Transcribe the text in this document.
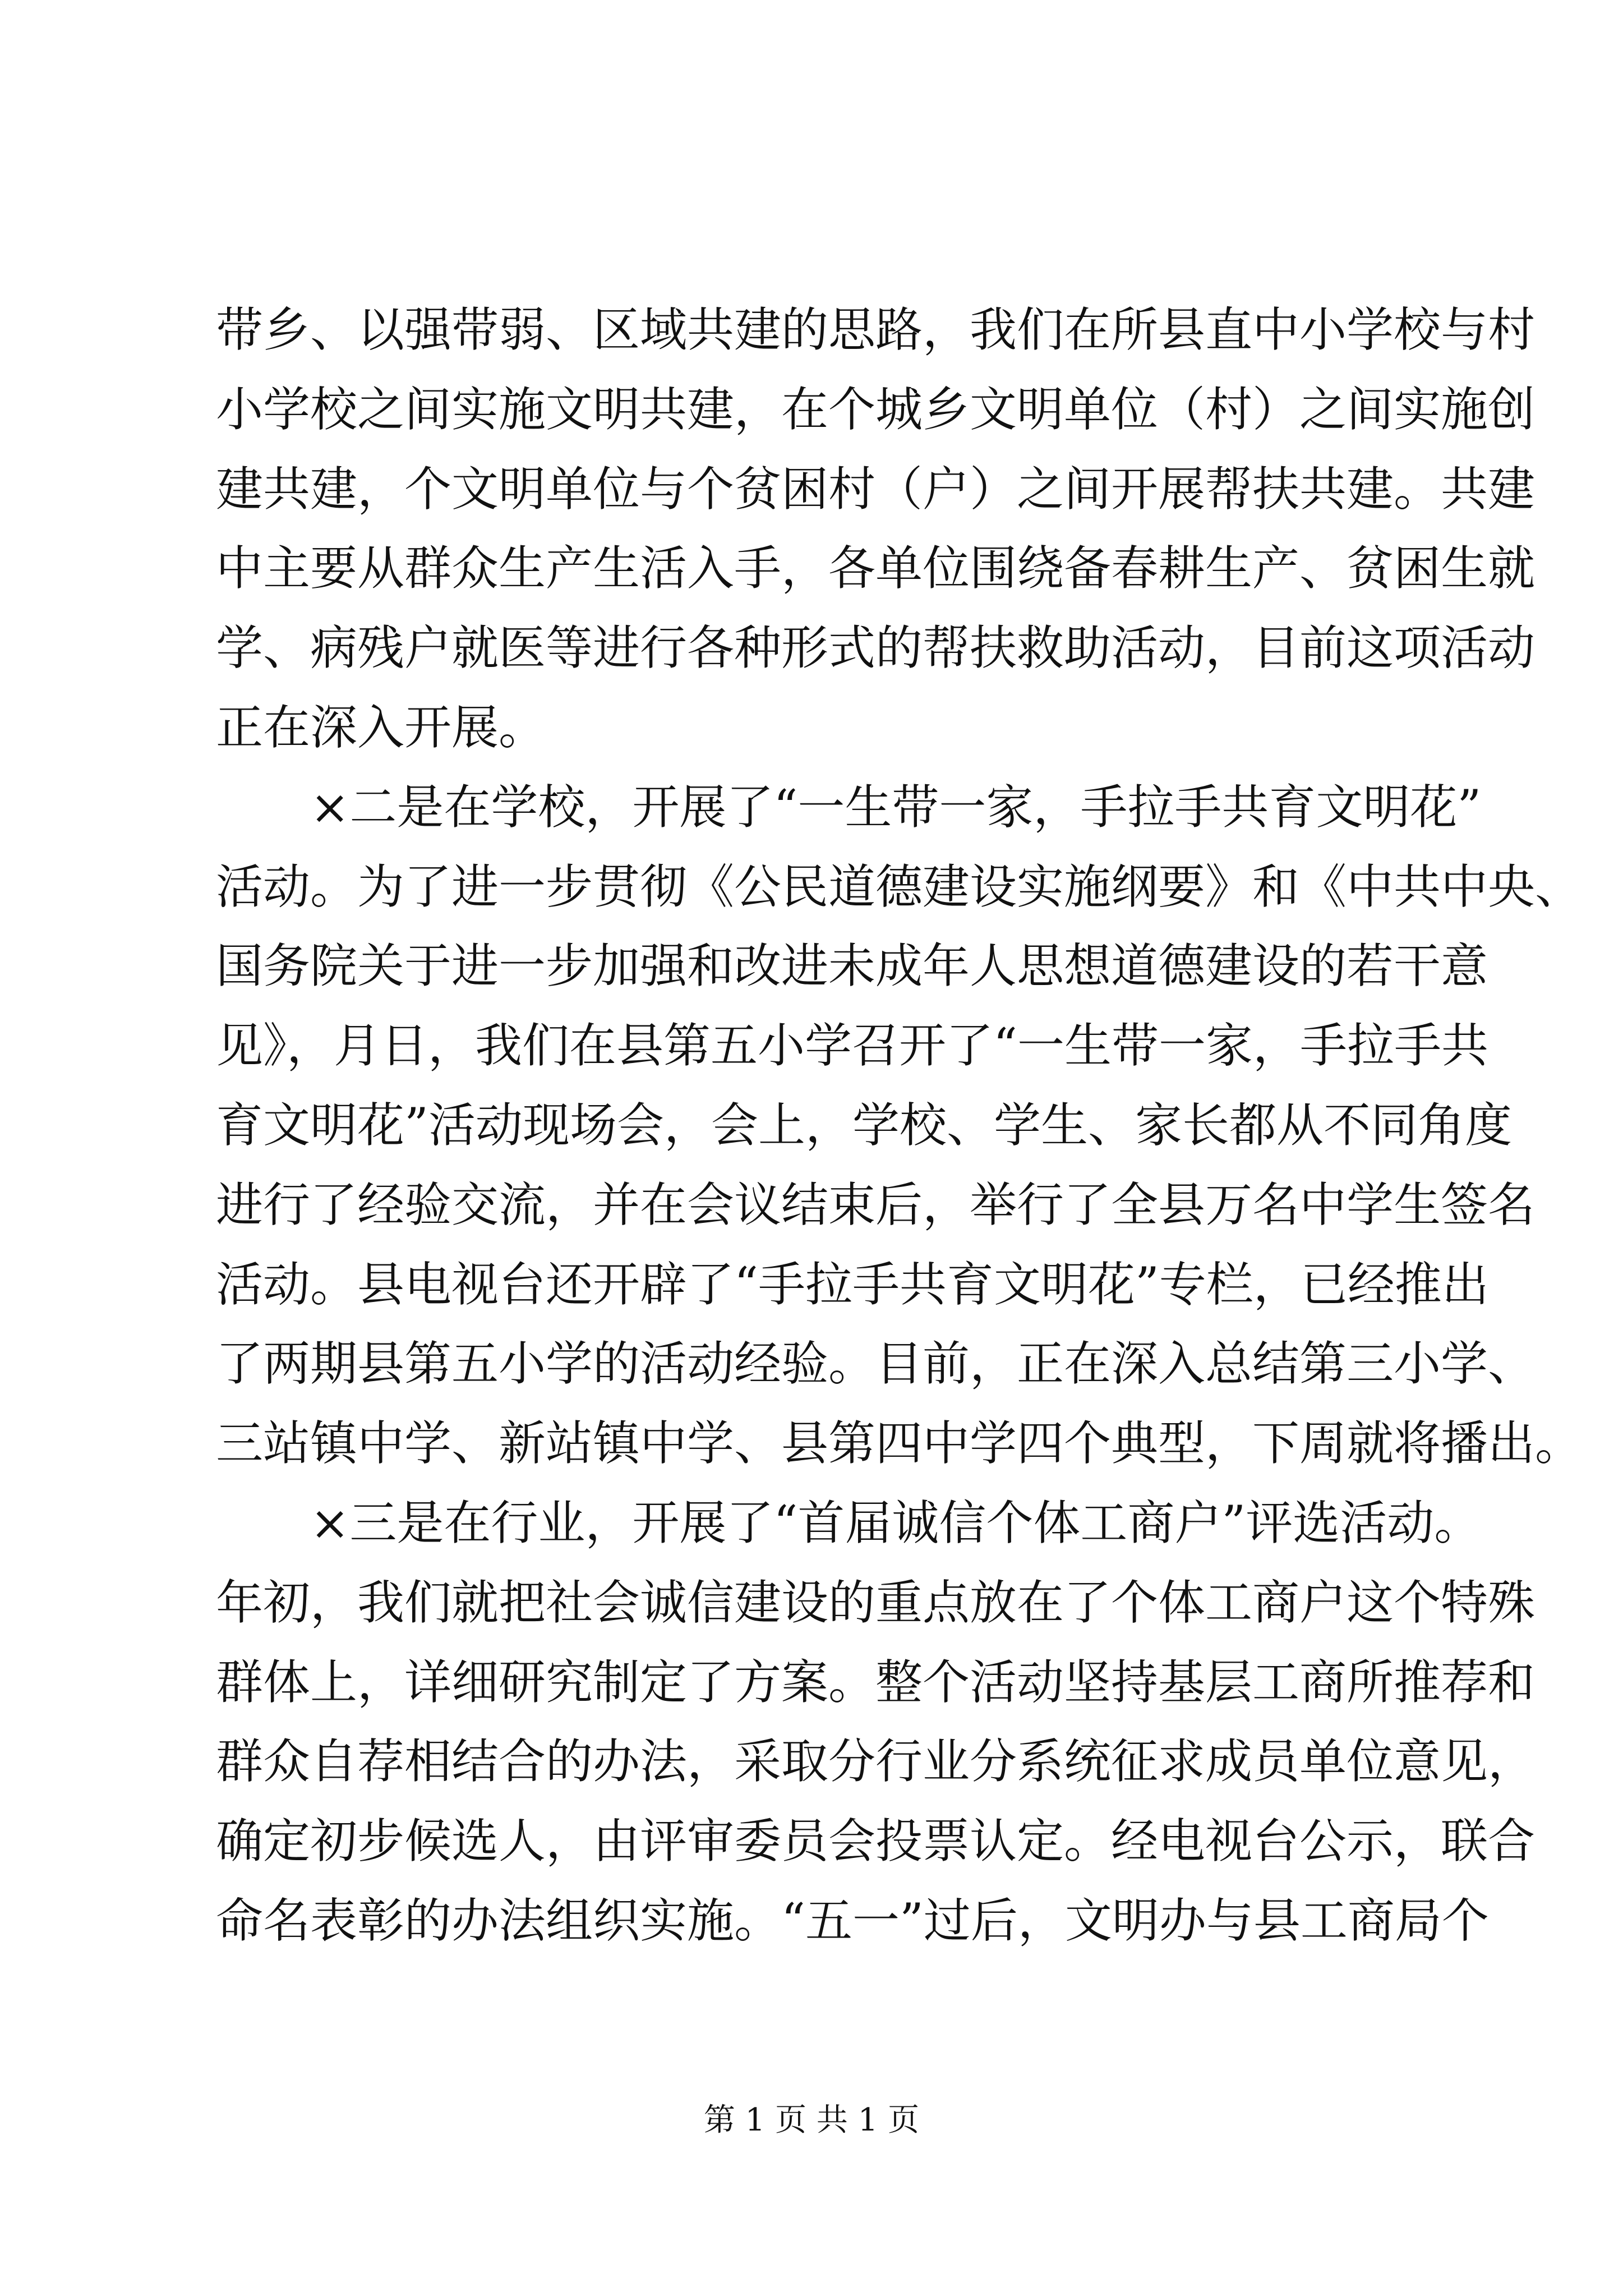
带乡、以强带弱、区域共建的思路，我们在所县直中小学校与村
小学校之间实施文明共建，在个城乡文明单位（村）之间实施创
建共建，个文明单位与个贫困村（户）之间开展帮扶共建。共建
中主要从群众生产生活入手，各单位围绕备春耕生产、贫困生就
学、病残户就医等进行各种形式的帮扶救助活动，目前这项活动
正在深入开展。
×二是在学校，开展了“一生带一家，手拉手共育文明花”
活动。为了进一步贯彻《公民道德建设实施纲要》和《中共中央、
国务院关于进一步加强和改进未成年人思想道德建设的若干意
见》，月日，我们在县第五小学召开了“一生带一家，手拉手共
育文明花”活动现场会，会上，学校、学生、家长都从不同角度
进行了经验交流，并在会议结束后，举行了全县万名中学生签名
活动。县电视台还开辟了“手拉手共育文明花”专栏，已经推出
了两期县第五小学的活动经验。目前，正在深入总结第三小学、
三站镇中学、新站镇中学、县第四中学四个典型，下周就将播出。
×三是在行业，开展了“首届诚信个体工商户”评选活动。
年初，我们就把社会诚信建设的重点放在了个体工商户这个特殊
群体上，详细研究制定了方案。整个活动坚持基层工商所推荐和
群众自荐相结合的办法，采取分行业分系统征求成员单位意见，
确定初步候选人，由评审委员会投票认定。经电视台公示，联合
命名表彰的办法组织实施。“五一”过后，文明办与县工商局个
第 1 页 共 1 页
